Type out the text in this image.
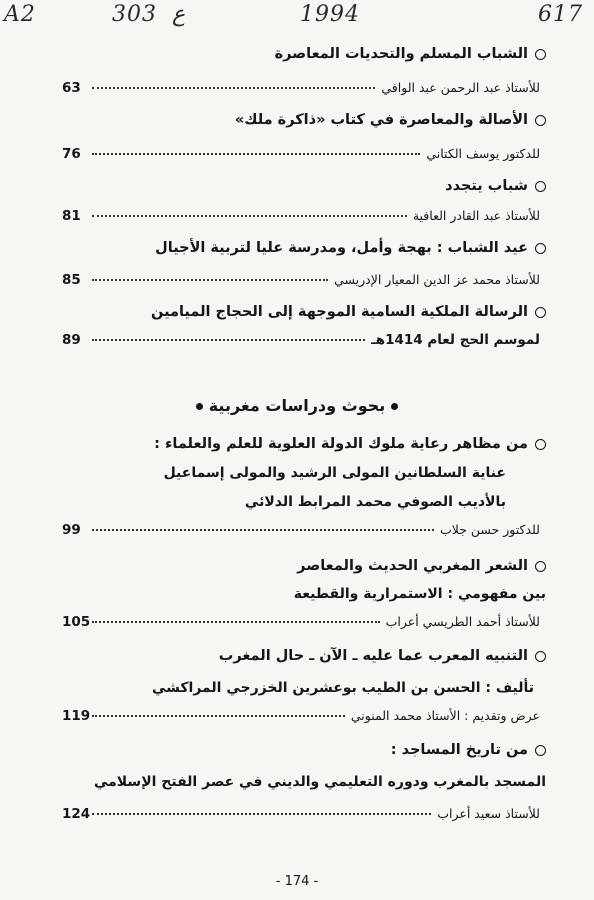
A2	303 ع	1994	617
الشباب المسلم والتحديات المعاصرة
63	للأستاذ عبد الرحمن عبد الوافي
الأصالة والمعاصرة في كتاب «ذاكرة ملك»
76	للدكتور يوسف الكتاني
شباب يتجدد
81	للأستاذ عبد القادر العافية
عيد الشباب : بهجة وأمل، ومدرسة عليا لتربية الأجيال
85	للأستاذ محمد عز الدين المعيار الإدريسي
الرسالة الملكية السامية الموجهة إلى الحجاج الميامين
89	لموسم الحج لعام 1414هـ
بحوث ودراسات مغربية
من مظاهر رعاية ملوك الدولة العلوية للعلم والعلماء :
عناية السلطانين المولى الرشيد والمولى إسماعيل
بالأديب الصوفي محمد المرابط الدلائي
99	للدكتور حسن جلاب
الشعر المغربي الحديث والمعاصر
بين مفهومي : الاستمرارية والقطيعة
105	للأستاذ أحمد الطريسي أعراب
التنبيه المعرب عما عليه ـ الآن ـ حال المغرب
تأليف : الحسن بن الطيب بوعشرين الخزرجي المراكشي
119	عرض وتقديم : الأستاذ محمد المنوني
من تاريخ المساجد :
المسجد بالمغرب ودوره التعليمي والديني في عصر الفتح الإسلامي
124	للأستاذ سعيد أعراب
- 174 -
